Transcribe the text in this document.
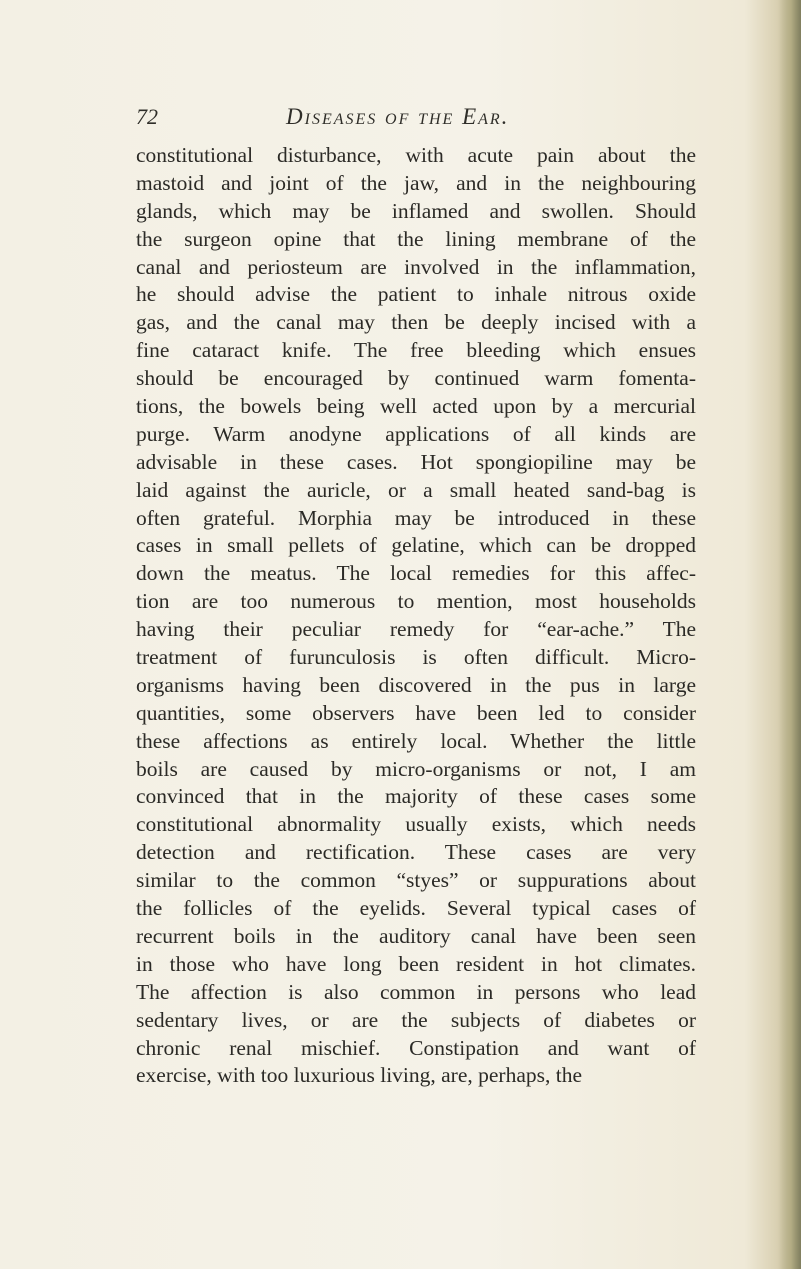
72	Diseases of the Ear.
constitutional disturbance, with acute pain about the
mastoid and joint of the jaw, and in the neighbouring
glands, which may be inflamed and swollen. Should
the surgeon opine that the lining membrane of the
canal and periosteum are involved in the inflammation,
he should advise the patient to inhale nitrous oxide
gas, and the canal may then be deeply incised with a
fine cataract knife. The free bleeding which ensues
should be encouraged by continued warm fomenta-
tions, the bowels being well acted upon by a mercurial
purge. Warm anodyne applications of all kinds are
advisable in these cases. Hot spongiopiline may be
laid against the auricle, or a small heated sand-bag is
often grateful. Morphia may be introduced in these
cases in small pellets of gelatine, which can be dropped
down the meatus. The local remedies for this affec-
tion are too numerous to mention, most households
having their peculiar remedy for “ear-ache.” The
treatment of furunculosis is often difficult. Micro-
organisms having been discovered in the pus in large
quantities, some observers have been led to consider
these affections as entirely local. Whether the little
boils are caused by micro-organisms or not, I am
convinced that in the majority of these cases some
constitutional abnormality usually exists, which needs
detection and rectification. These cases are very
similar to the common “styes” or suppurations about
the follicles of the eyelids. Several typical cases of
recurrent boils in the auditory canal have been seen
in those who have long been resident in hot climates.
The affection is also common in persons who lead
sedentary lives, or are the subjects of diabetes or
chronic renal mischief. Constipation and want of
exercise, with too luxurious living, are, perhaps, the
